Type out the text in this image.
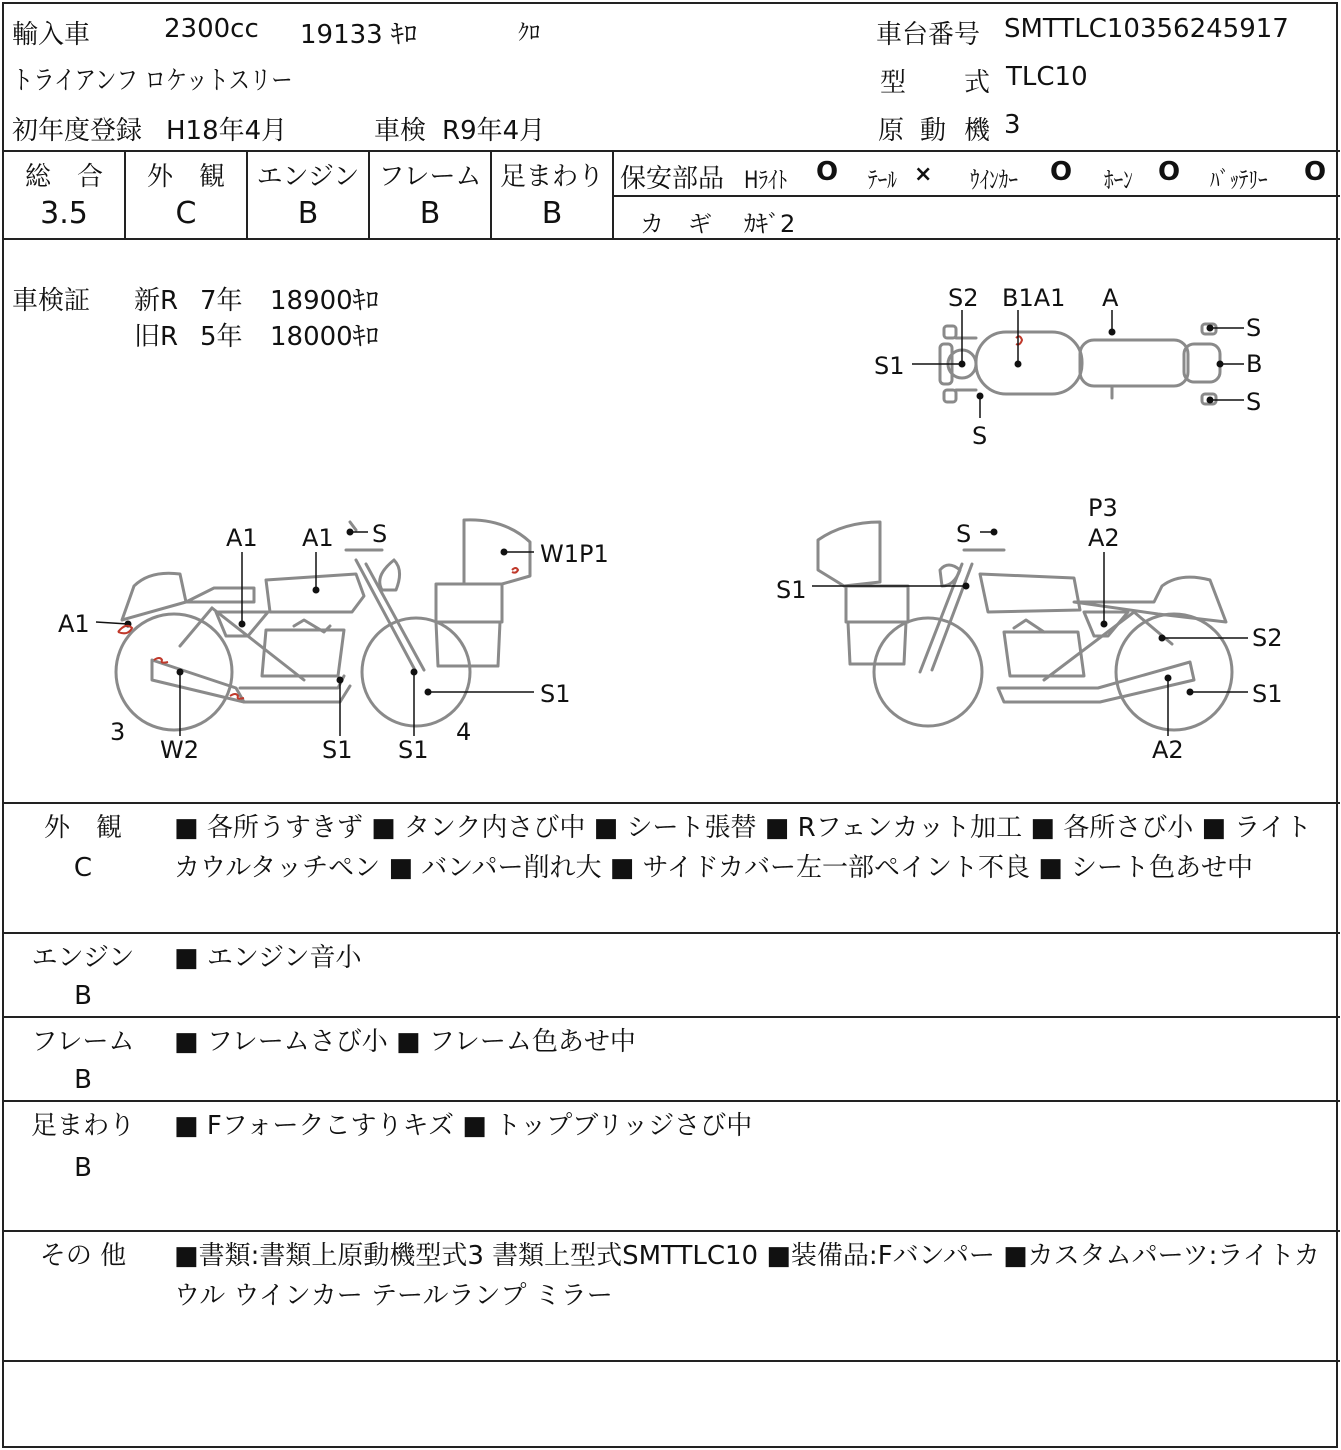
輸入車	2300cc 19133 ｷﾛ	ｸﾛ	車台番号 SMTTLC10356245917
トライアンフ ロケットスリー	型 式 TLC10
初年度登録 H18年4月	車検 R9年4月	原 動 機 3
総　合
3.5
外　観
C
エンジン
B
フレーム
B
足まわり
B
保安部品 Hﾗｲﾄ O ﾃｰﾙ × ｳｲﾝｶｰ O ﾎｰﾝ O ﾊﾞｯﾃﾘｰ O
カ　ギ ｶｷﾞ2
車検証 新R 7年 18900ｷﾛ
旧R 5年 18000ｷﾛ
S2 B1A1 A
S
B
S
S1
S
A1 A1 S
W1P1
A1
S1
3
W2	S1 S1
4
P3
A2
S
S1
S2
S1
A2
外　観
C
■ 各所うすきず ■ タンク内さび中 ■ シート張替 ■ Rフェンカット加工 ■ 各所さび小 ■ ライトカウルタッチペン ■ バンパー削れ大 ■ サイドカバー左一部ペイント不良 ■ シート色あせ中
エンジン
B
■ エンジン音小
フレーム
B
■ フレームさび小 ■ フレーム色あせ中
足まわり
B
■ Fフォークこすりキズ ■ トップブリッジさび中
その 他	■書類:書類上原動機型式3 書類上型式SMTTLC10 ■装備品:Fバンパー ■カスタムパーツ:ライトカウル ウインカー テールランプ ミラー
